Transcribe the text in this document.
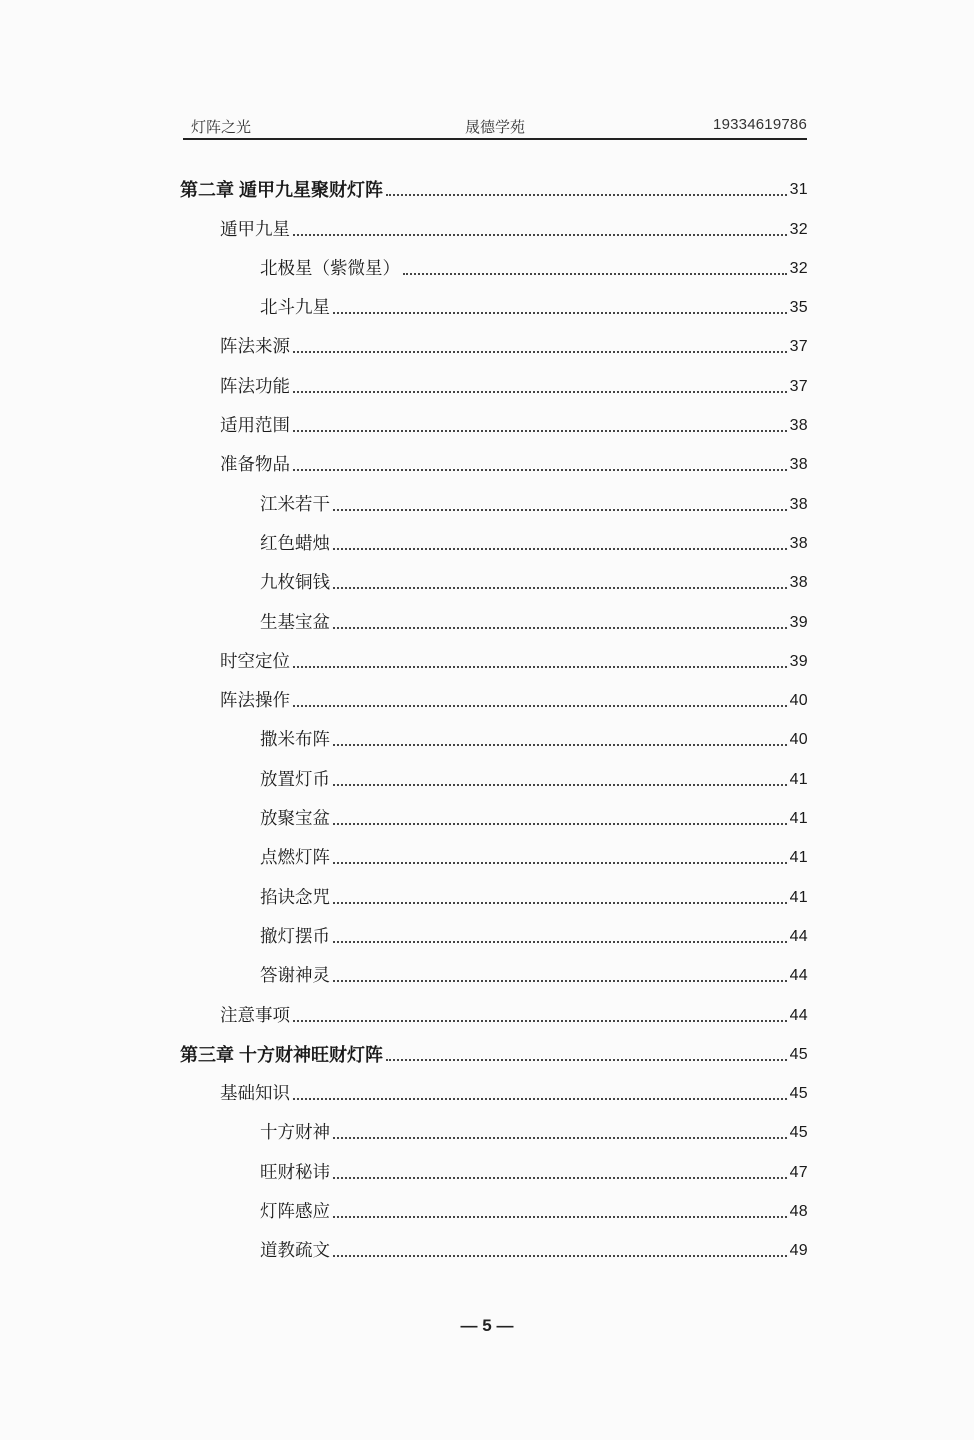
灯阵之光	晟德学苑	19334619786
第二章 遁甲九星聚财灯阵	31
遁甲九星	32
北极星（紫微星）	32
北斗九星	35
阵法来源	37
阵法功能	37
适用范围	38
准备物品	38
江米若干	38
红色蜡烛	38
九枚铜钱	38
生基宝盆	39
时空定位	39
阵法操作	40
撒米布阵	40
放置灯币	41
放聚宝盆	41
点燃灯阵	41
掐诀念咒	41
撤灯摆币	44
答谢神灵	44
注意事项	44
第三章 十方财神旺财灯阵	45
基础知识	45
十方财神	45
旺财秘讳	47
灯阵感应	48
道教疏文	49
— 5 —
